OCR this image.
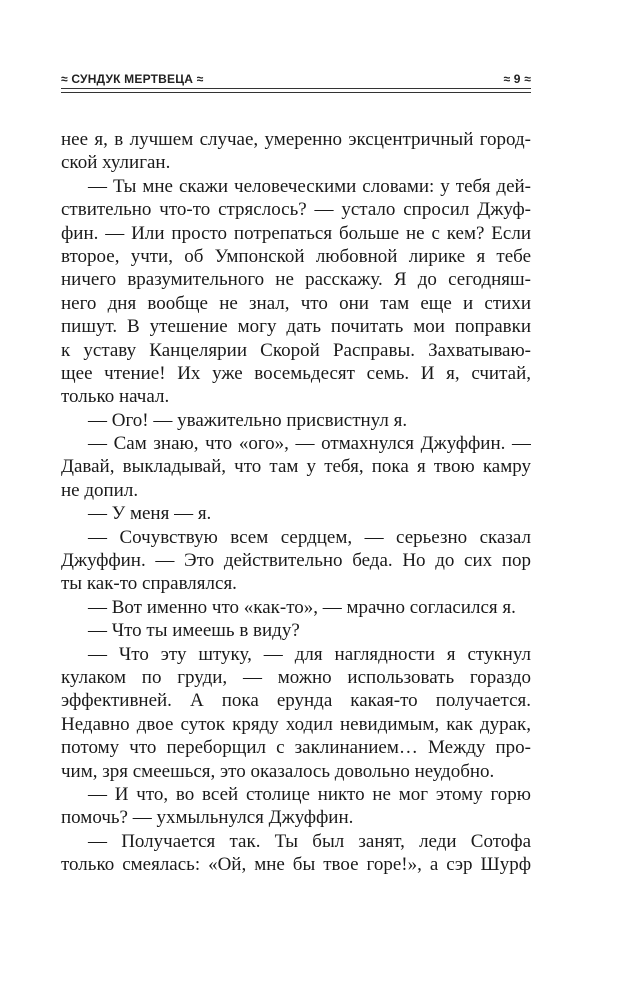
≈ СУНДУК МЕРТВЕЦА ≈	≈ 9 ≈
нее я, в лучшем случае, умеренно эксцентричный город-
ской хулиган.
— Ты мне скажи человеческими словами: у тебя дей-
ствительно что-то стряслось? — устало спросил Джуф-
фин. — Или просто потрепаться больше не с кем? Если
второе, учти, об Умпонской любовной лирике я тебе
ничего вразумительного не расскажу. Я до сегодняш-
него дня вообще не знал, что они там еще и стихи
пишут. В утешение могу дать почитать мои поправки
к уставу Канцелярии Скорой Расправы. Захватываю-
щее чтение! Их уже восемьдесят семь. И я, считай,
только начал.
— Ого! — уважительно присвистнул я.
— Сам знаю, что «ого», — отмахнулся Джуффин. —
Давай, выкладывай, что там у тебя, пока я твою камру
не допил.
— У меня — я.
— Сочувствую всем сердцем, — серьезно сказал
Джуффин. — Это действительно беда. Но до сих пор
ты как-то справлялся.
— Вот именно что «как-то», — мрачно согласился я.
— Что ты имеешь в виду?
— Что эту штуку, — для наглядности я стукнул
кулаком по груди, — можно использовать гораздо
эффективней. А пока ерунда какая-то получается.
Недавно двое суток кряду ходил невидимым, как дурак,
потому что переборщил с заклинанием… Между про-
чим, зря смеешься, это оказалось довольно неудобно.
— И что, во всей столице никто не мог этому горю
помочь? — ухмыльнулся Джуффин.
— Получается так. Ты был занят, леди Сотофа
только смеялась: «Ой, мне бы твое горе!», а сэр Шурф
